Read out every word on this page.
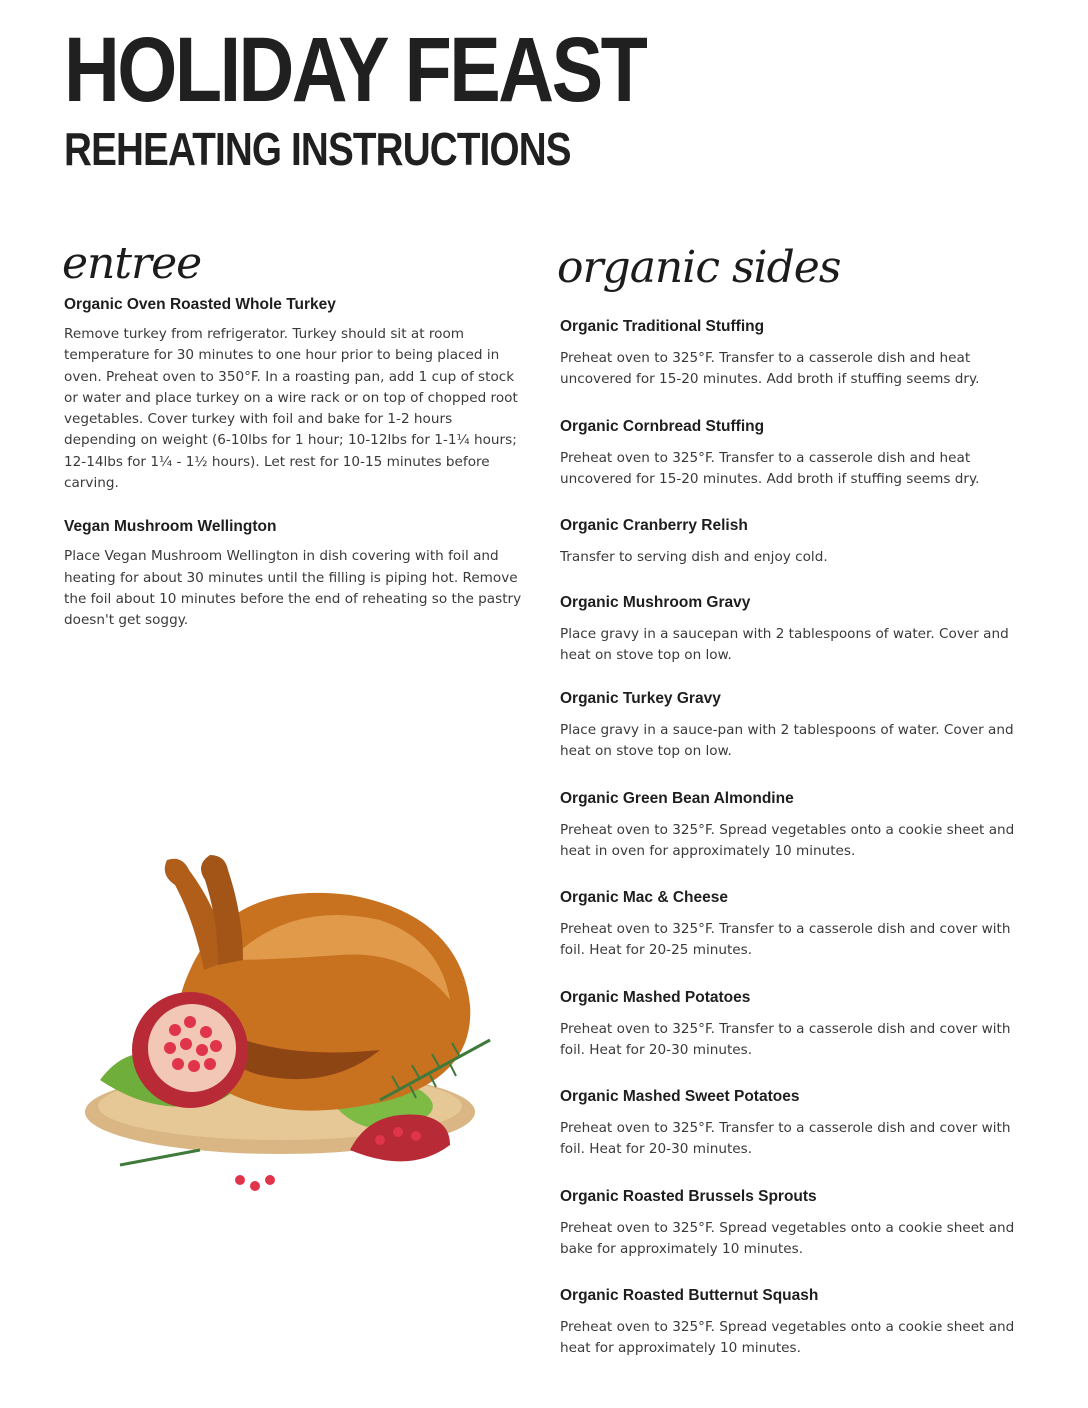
HOLIDAY FEAST
REHEATING INSTRUCTIONS
entree	organic sides

Organic Oven Roasted Whole Turkey

Remove turkey from refrigerator. Turkey should sit at room temperature for 30 minutes to one hour prior to being placed in oven. Preheat oven to 350°F. In a roasting pan, add 1 cup of stock or water and place turkey on a wire rack or on top of chopped root vegetables. Cover turkey with foil and bake for 1-2 hours depending on weight (6-10lbs for 1 hour; 10-12lbs for 1-1¼ hours; 12-14lbs for 1¼ - 1½ hours). Let rest for 10-15 minutes before carving.

Vegan Mushroom Wellington

Place Vegan Mushroom Wellington in dish covering with foil and heating for about 30 minutes until the filling is piping hot. Remove the foil about 10 minutes before the end of reheating so the pastry doesn't get soggy.

Organic Traditional Stuffing

Preheat oven to 325°F. Transfer to a casserole dish and heat uncovered for 15-20 minutes. Add broth if stuffing seems dry.

Organic Cornbread Stuffing

Preheat oven to 325°F. Transfer to a casserole dish and heat uncovered for 15-20 minutes. Add broth if stuffing seems dry.

Organic Cranberry Relish

Transfer to serving dish and enjoy cold.

Organic Mushroom Gravy

Place gravy in a saucepan with 2 tablespoons of water. Cover and heat on stove top on low.

Organic Turkey Gravy

Place gravy in a sauce-pan with 2 tablespoons of water. Cover and heat on stove top on low.

Organic Green Bean Almondine

Preheat oven to 325°F. Spread vegetables onto a cookie sheet and heat in oven for approximately 10 minutes.

Organic Mac & Cheese

Preheat oven to 325°F. Transfer to a casserole dish and cover with foil. Heat for 20-25 minutes.

Organic Mashed Potatoes

Preheat oven to 325°F. Transfer to a casserole dish and cover with foil. Heat for 20-30 minutes.

Organic Mashed Sweet Potatoes

Preheat oven to 325°F. Transfer to a casserole dish and cover with foil. Heat for 20-30 minutes.

Organic Roasted Brussels Sprouts

Preheat oven to 325°F. Spread vegetables onto a cookie sheet and bake for approximately 10 minutes.

Organic Roasted Butternut Squash

Preheat oven to 325°F. Spread vegetables onto a cookie sheet and heat for approximately 10 minutes.
